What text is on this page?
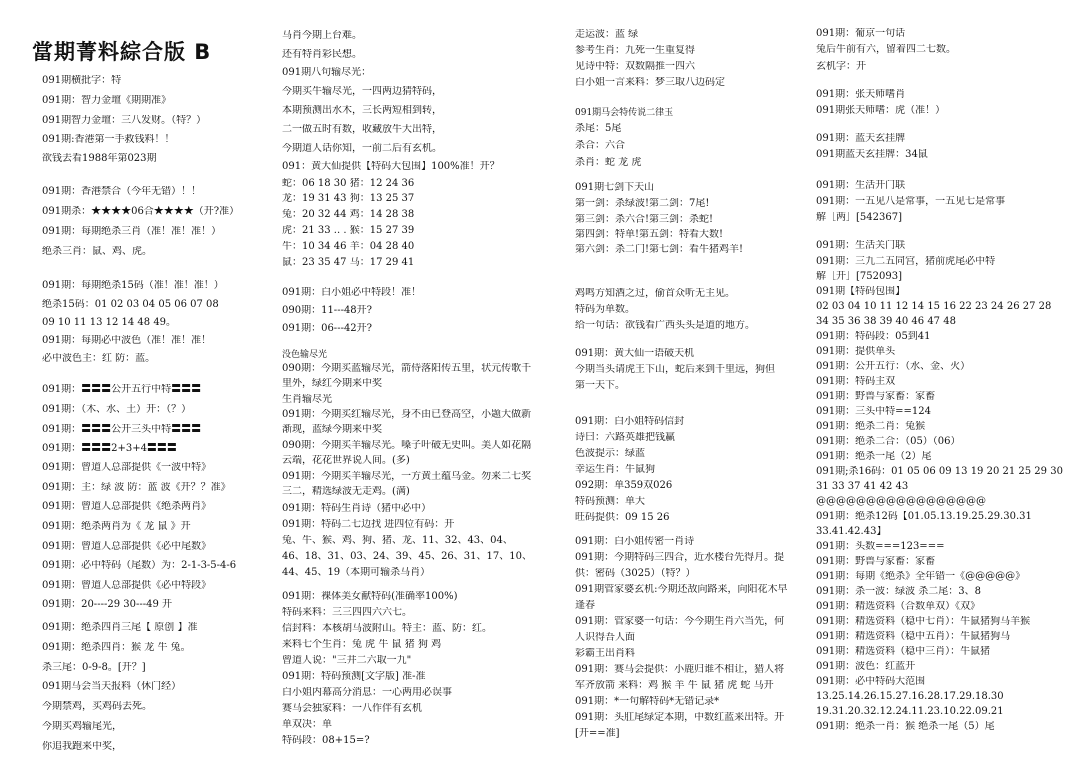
當期菁料綜合版 B
091期横批字：特
091期：智力金壇《期期准》
091期智力金壇：三八发财。（特？）
091期:香港第一手救钱料！！
欲钱去看1988年第023期
091期：香港禁合（今年无错）！！
091期杀：★★★★06合★★★★（开?准）
091期：每期绝杀三肖（准！准！准！）
绝杀三肖：鼠、鸡、虎。
091期：每期绝杀15码（准！准！准！）
绝杀15码：01 02 03 04 05 06 07 08
09 10 11 13 12 14 48 49。
091期：每期必中波色（准！准！准！
必中波色主：红 防：蓝。
091期：〓〓〓公开五行中特〓〓〓
091期：（木、水、土）开：（？）
091期：〓〓〓公开三头中特〓〓〓
091期：〓〓〓2+3+4〓〓〓
091期：曾道人总部提供《一波中特》
091期：主：绿 波 防：蓝 波《开？？准》
091期：曾道人总部提供《绝杀两肖》
091期：绝杀两肖为《 龙 鼠 》开
091期：曾道人总部提供《必中尾数》
091期：必中特码（尾数）为：2-1-3-5-4-6
091期：曾道人总部提供《必中特段》
091期：20----29 30---49 开
091期：绝杀四肖三尾【 原创 】准
091期：绝杀四肖：猴 龙 牛 兔。
杀三尾：0-9-8。[开？]
091期马会当天报料（休门经）
今期禁鸡，买鸡码去死。
今期买鸡输尾光，
你追我跑来中奖，
马肖今期上台难。
还有特肖彩民想。
091期八句输尽光：
今期买牛输尽光，一四两边猜特码，
本期预测出水木，三长两短相到转，
二一做五时有数，收藏放牛大出特，
今期道人话你知，一前二后有玄机。
091：黄大仙提供【特码大包围】100%准！开？
蛇：06 18 30 猪：12 24 36
龙：19 31 43 狗：13 25 37
兔：20 32 44 鸡：14 28 38
虎：21 33 .. . 猴：15 27 39
牛：10 34 46 羊：04 28 40
鼠：23 35 47 马：17 29 41
091期：白小姐必中特段！准！
090期：11---48开?
091期：06---42开?
没色输尽光
090期：今期买蓝输尽光，箭侍落阳传五里，状元传歌千
里外，绿红今期来中奖
生肖输尽光
091期：今期买红输尽光，身不由已登高空，小题大做新
渐现，蓝绿今期来中奖
090期：今期买羊输尽光。嗓子叶破无史叫。美人如花隔
云端，花花世界说人间。(多)
091期：今期买羊输尽光，一方黄土蕴乌金。勿来二七奖
三二，精选绿波无走鸡。(满)
091期：特码生肖诗（猪中必中）
091期：特码二七边找 进四位有码：开
兔、牛、猴、鸡、狗、猪、龙、11、32、43、04、
46、18、31、03、24、39、45、26、31、17、10、
44、45、19（本期可输杀马肖）
091期：裸体美女献特码(准确率100%)
特码来料：三三四四六六七。
信封料：本核胡马波附山。特主：蓝、防：红。
来料七个生肖：兔 虎 牛 鼠 猪 狗 鸡
曾道人说："三井二六取一九"
091期：特码预测[文字版] 准-准
白小姐内幕高分消息：一心两用必误事
赛马会独家料：一八作伴有玄机
单双决：单
特码段：08+15=?
走运波：蓝 绿
参考生肖：九死一生重复得
见诗中特：双数隔推一四六
白小姐一言来料：梦三取八边码定
091期马会特传说二律玉
杀尾：5尾
杀合：六合
杀肖：蛇 龙 虎
091期七剑下天山
第一剑：杀绿波!第二剑：7尾!
第三剑：杀六合!第三剑：杀蛇!
第四剑：特单!第五剑：特看大数!
第六剑：杀二门!第七剑：看牛猪鸡羊!
鸡鸣方知酒之过，偷首众听无主见。
特码为单数。
给一句话：欲钱看广西头头是道的地方。
091期：黄大仙一语破天机
今期当头请虎王下山，蛇后来到千里远，狗但
第一天下。
091期：白小姐特码信封
诗曰：六路英雄把钱赢
色波提示：绿蓝
幸运生肖：牛鼠狗
092期：单359双026
特码预测：单大
旺码提供：09 15 26
091期：白小姐传密一肖诗
091期：今期特码三四合，近水楼台先得月。提
供：密码（3025）（特？）
091期管家婆玄机:今期还敌向路来，向阳花木早
逢春
091期：管家婆一句话：今今期生肖六当先，何
人识得吾人面
彩霸王出肖料
091期：赛马会提供：小鹿归谁不相让，猎人将
军齐放箭 来料：鸡 猴 羊 牛 鼠 猪 虎 蛇 马开
091期：*一句解特码*无错记录*
091期：头肛尾绿定本期，中数红蓝来出特。开
[开==准]
091期：葡京一句话
兔后牛前有六，留着四二七数。
玄机字：开
091期：张天师嗜肖
091期张天师嗜：虎（准！）
091期：蓝天玄挂牌
091期蓝天玄挂牌：34鼠
091期：生活开门联
091期：一五见八是常事，一五见七是常事
解［两］[542367]
091期：生活关门联
091期：三九二五同宫，猪前虎尾必中特
解［开］[752093]
091期【特码包围】
02 03 04 10 11 12 14 15 16 22 23 24 26 27 28
34 35 36 38 39 40 46 47 48
091期：特码段：05到41
091期：提供单头
091期：公开五行：（水、金、火）
091期：特码主双
091期：野兽与家畜：家畜
091期：三头中特==124
091期：绝杀二肖：兔猴
091期：绝杀二合：（05）（06）
091期：绝杀一尾（2）尾
091期;杀16码：01 05 06 09 13 19 20 21 25 29 30
31 33 37 41 42 43
@@@@@@@@@@@@@@@@@
091期：绝杀12码【01.05.13.19.25.29.30.31
33.41.42.43】
091期：头数===123===
091期：野兽与家畜：家畜
091期：每期《绝杀》全年错一《@@@@@》
091期：杀一波：绿波 杀二尾：3、8
091期：精选资料（合数单双）《双》
091期：精选资料（稳中七肖）：牛鼠猪狗马羊猴
091期：精选资料（稳中五肖）：牛鼠猪狗马
091期：精选资料（稳中三肖）：牛鼠猪
091期：波色：红蓝开
091期：必中特码大范围
13.25.14.26.15.27.16.28.17.29.18.30
19.31.20.32.12.24.11.23.10.22.09.21
091期：绝杀一肖：猴 绝杀一尾（5）尾
